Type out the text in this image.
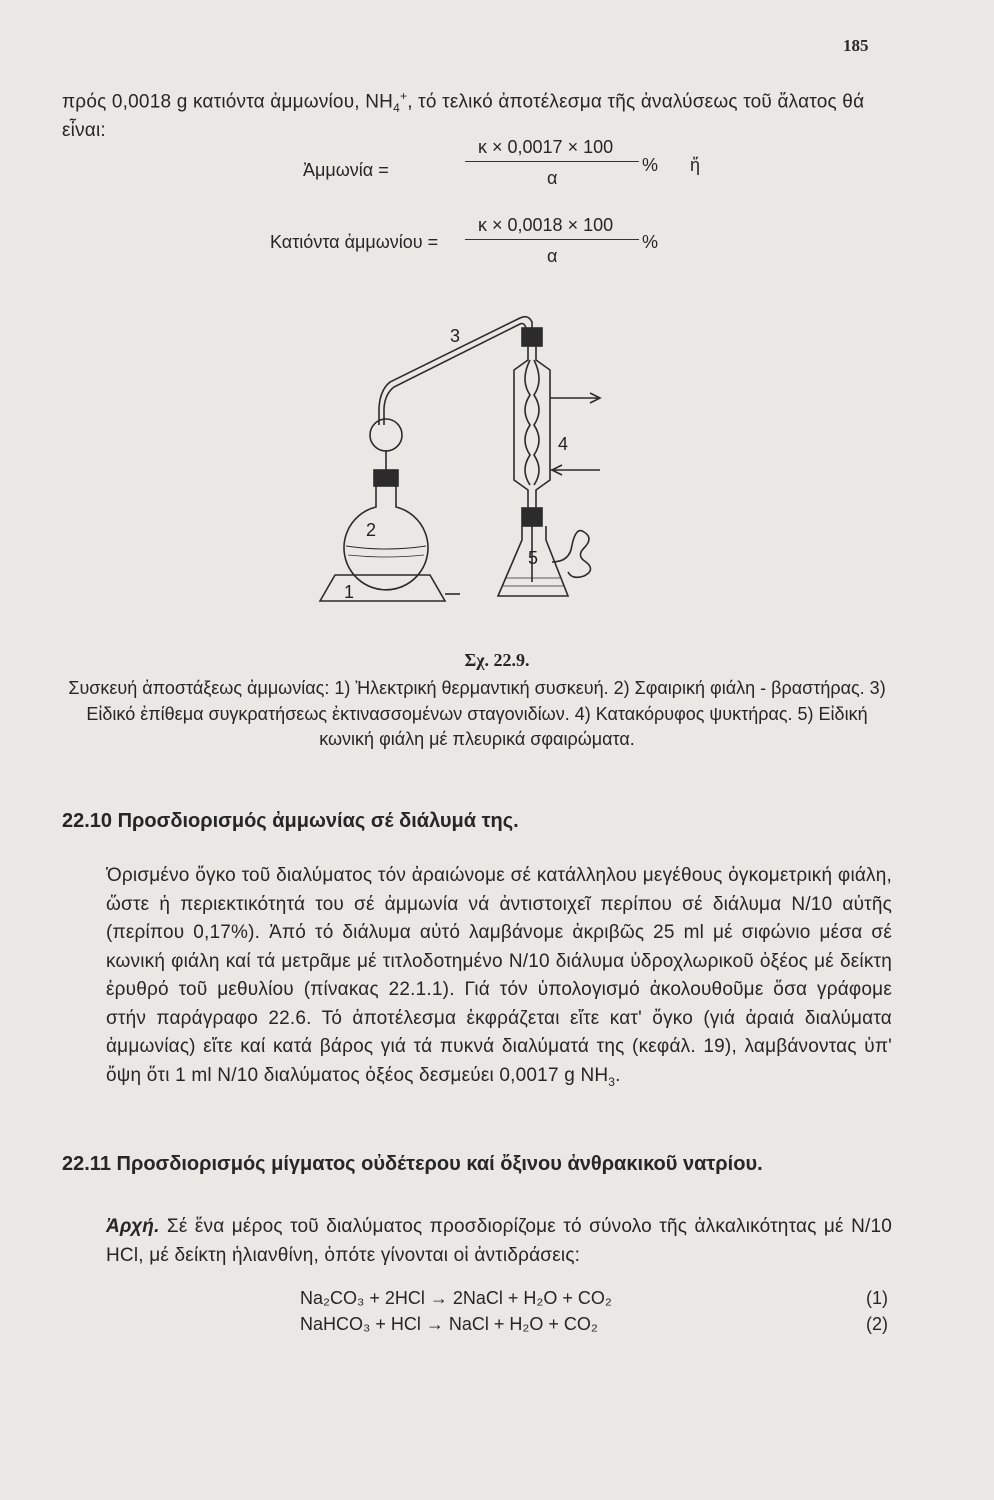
185
πρός 0,0018 g κατιόντα ἀμμωνίου, $NH_4^+$, τό τελικό ἀποτέλεσμα τῆς ἀναλύσεως τοῦ ἅλατος θά εἶναι:
Ἀμμωνία =
κ × 0,0017 × 100
α
% ἤ
Κατιόντα ἀμμωνίου =
κ × 0,0018 × 100
α
%
1
2
3
4
5
Σχ. 22.9.
Συσκευή ἀποστάξεως ἀμμωνίας: 1) Ἠλεκτρική θερμαντική συσκευή. 2) Σφαιρική φιάλη - βραστήρας. 3) Εἰδικό ἐπίθεμα συγκρατήσεως ἐκτινασσομένων σταγονιδίων. 4) Κατακόρυφος ψυκτήρας. 5) Εἰδική κωνική φιάλη μέ πλευρικά σφαιρώματα.
22.10 Προσδιορισμός ἀμμωνίας σέ διάλυμά της.
Ὁρισμένο ὄγκο τοῦ διαλύματος τόν ἀραιώνομε σέ κατάλληλου μεγέθους ὀγκομετρική φιάλη, ὥστε ἡ περιεκτικότητά του σέ ἀμμωνία νά ἀντιστοιχεῖ περίπου σέ διάλυμα N/10 αὐτῆς (περίπου 0,17%). Ἀπό τό διάλυμα αὐτό λαμβάνομε ἀκριβῶς 25 ml μέ σιφώνιο μέσα σέ κωνική φιάλη καί τά μετρᾶμε μέ τιτλοδοτημένο N/10 διάλυμα ὑδροχλωρικοῦ ὀξέος μέ δείκτη ἐρυθρό τοῦ μεθυλίου (πίνακας 22.1.1). Γιά τόν ὑπολογισμό ἀκολουθοῦμε ὅσα γράφομε στήν παράγραφο 22.6. Τό ἀποτέλεσμα ἐκφράζεται εἴτε κατ' ὄγκο (γιά ἀραιά διαλύματα ἀμμωνίας) εἴτε καί κατά βάρος γιά τά πυκνά διαλύματά της (κεφάλ. 19), λαμβάνοντας ὑπ' ὄψη ὅτι 1 ml N/10 διαλύματος ὀξέος δεσμεύει 0,0017 g $NH_3$.
22.11 Προσδιορισμός μίγματος οὐδέτερου καί ὄξινου ἀνθρακικοῦ νατρίου.
Ἀρχή. Σέ ἕνα μέρος τοῦ διαλύματος προσδιορίζομε τό σύνολο τῆς ἀλκαλικότητας μέ N/10 HCl, μέ δείκτη ἡλιανθίνη, ὁπότε γίνονται οἱ ἀντιδράσεις:
Na₂CO₃ + 2HCl → 2NaCl + H₂O + CO₂	(1)
NaHCO₃ + HCl → NaCl + H₂O + CO₂	(2)
